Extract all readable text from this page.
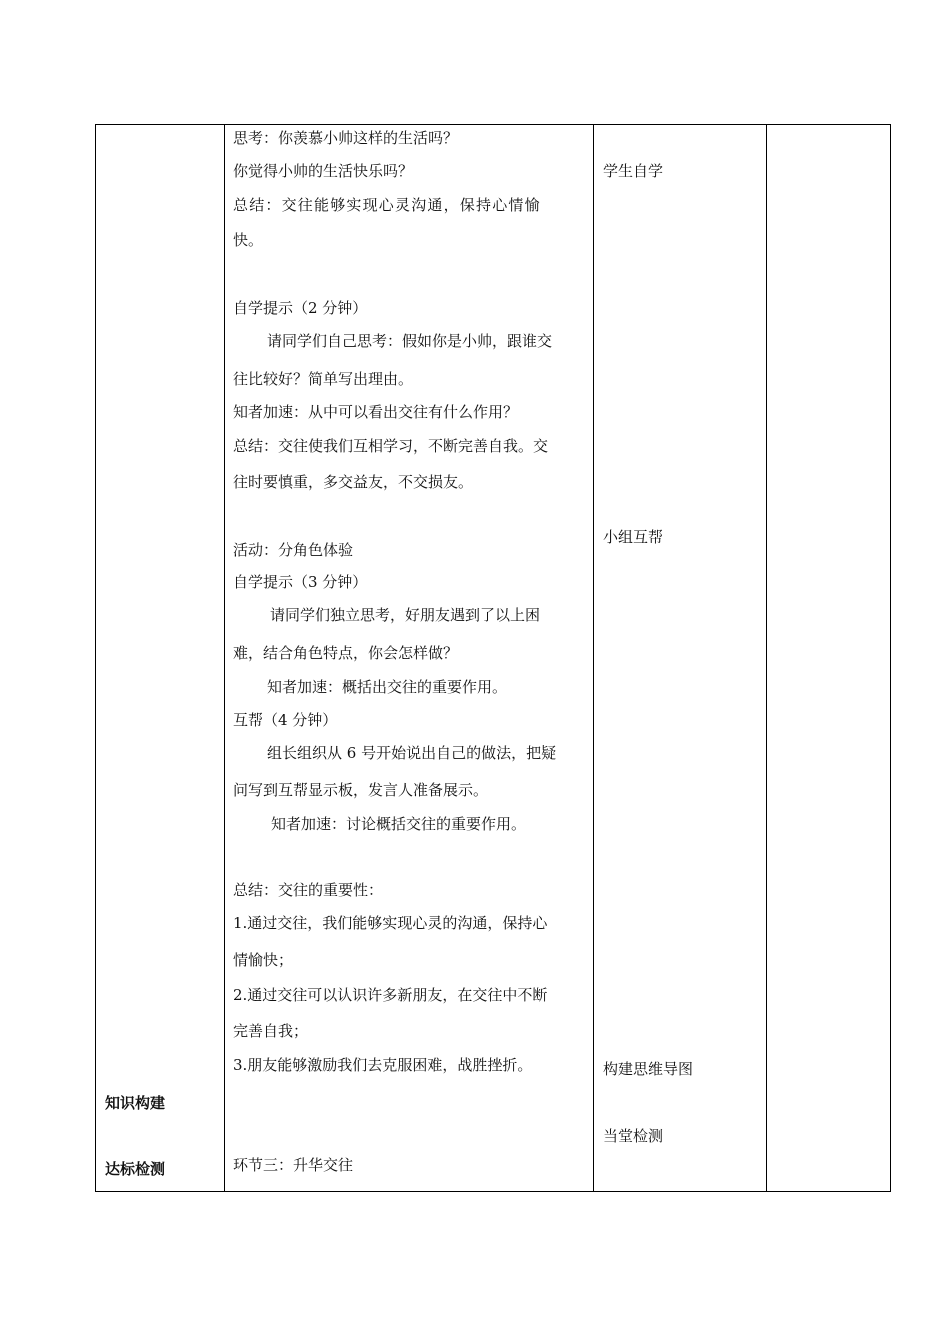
知识构建
达标检测
思考：你羡慕小帅这样的生活吗？
你觉得小帅的生活快乐吗？
总结：交往能够实现心灵沟通，保持心情愉
快。
自学提示（2 分钟）
请同学们自己思考：假如你是小帅，跟谁交
往比较好？简单写出理由。
知者加速：从中可以看出交往有什么作用？
总结：交往使我们互相学习，不断完善自我。交
往时要慎重，多交益友，不交损友。
活动：分角色体验
自学提示（3 分钟）
请同学们独立思考，好朋友遇到了以上困
难，结合角色特点，你会怎样做？
知者加速：概括出交往的重要作用。
互帮（4 分钟）
组长组织从 6 号开始说出自己的做法，把疑
问写到互帮显示板，发言人准备展示。
知者加速：讨论概括交往的重要作用。
总结：交往的重要性：
1.通过交往，我们能够实现心灵的沟通，保持心
情愉快；
2.通过交往可以认识许多新朋友，在交往中不断
完善自我；
3.朋友能够激励我们去克服困难，战胜挫折。
环节三：升华交往
学生自学
小组互帮
构建思维导图
当堂检测
